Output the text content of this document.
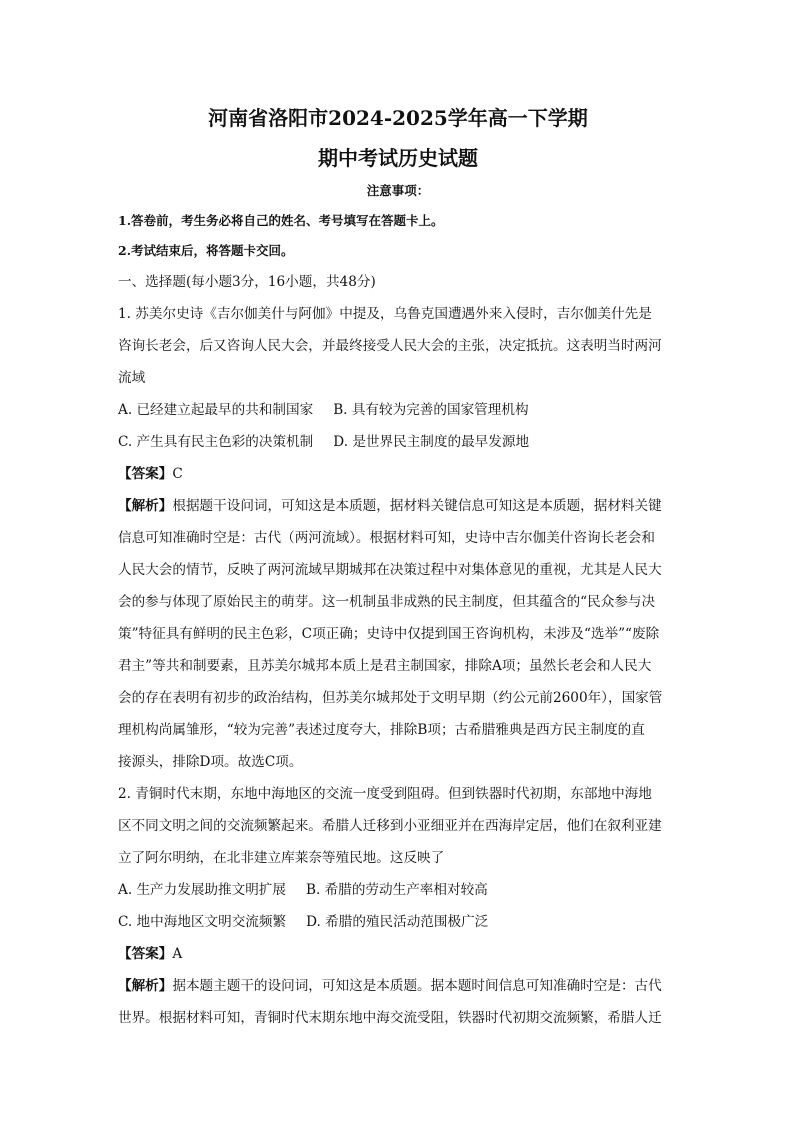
河南省洛阳市2024-2025学年高一下学期
期中考试历史试题
注意事项：
1.答卷前，考生务必将自己的姓名、考号填写在答题卡上。
2.考试结束后，将答题卡交回。

一、选择题(每小题3分，16小题，共48分)

1. 苏美尔史诗《吉尔伽美什与阿伽》中提及，乌鲁克国遭遇外来入侵时，吉尔伽美什先是

咨询长老会，后又咨询人民大会，并最终接受人民大会的主张，决定抵抗。这表明当时两河

流域

A. 已经建立起最早的共和制国家 B. 具有较为完善的国家管理机构
C. 产生具有民主色彩的决策机制 D. 是世界民主制度的最早发源地

【答案】C

【解析】根据题干设问词，可知这是本质题，据材料关键信息可知这是本质题，据材料关键

信息可知准确时空是：古代（两河流域）。根据材料可知，史诗中吉尔伽美什咨询长老会和

人民大会的情节，反映了两河流域早期城邦在决策过程中对集体意见的重视，尤其是人民大

会的参与体现了原始民主的萌芽。这一机制虽非成熟的民主制度，但其蕴含的“民众参与决

策”特征具有鲜明的民主色彩，C项正确；史诗中仅提到国王咨询机构，未涉及“选举”“废除

君主”等共和制要素，且苏美尔城邦本质上是君主制国家，排除A项；虽然长老会和人民大

会的存在表明有初步的政治结构，但苏美尔城邦处于文明早期（约公元前2600年），国家管

理机构尚属雏形，“较为完善”表述过度夸大，排除B项；古希腊雅典是西方民主制度的直

接源头，排除D项。故选C项。

2. 青铜时代末期，东地中海地区的交流一度受到阻碍。但到铁器时代初期，东部地中海地

区不同文明之间的交流频繁起来。希腊人迁移到小亚细亚并在西海岸定居，他们在叙利亚建

立了阿尔明纳，在北非建立库莱奈等殖民地。这反映了

A. 生产力发展助推文明扩展 B. 希腊的劳动生产率相对较高
C. 地中海地区文明交流频繁 D. 希腊的殖民活动范围极广泛

【答案】A

【解析】据本题主题干的设问词，可知这是本质题。据本题时间信息可知准确时空是：古代

世界。根据材料可知，青铜时代末期东地中海交流受阻，铁器时代初期交流频繁，希腊人迁
